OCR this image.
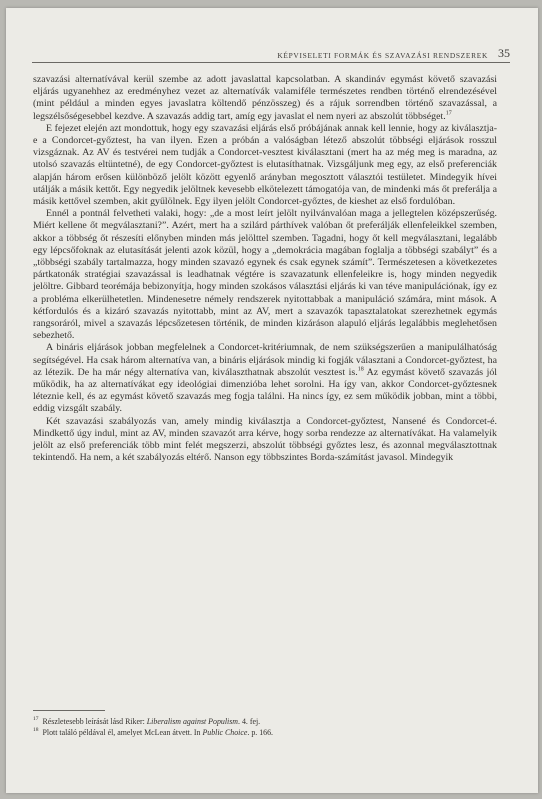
KÉPVISELETI FORMÁK ÉS SZAVAZÁSI RENDSZEREK 35

szavazási alternatívával kerül szembe az adott javaslattal kapcsolatban. A skandináv egymást követő szavazási eljárás ugyanehhez az eredményhez vezet az alternatívák valamiféle természetes rendben történő elrendezésével (mint például a minden egyes javaslatra költendő pénzösszeg) és a rájuk sorrendben történő szavazással, a legszélsőségesebbel kezdve. A szavazás addig tart, amíg egy javaslat el nem nyeri az abszolút többséget.$^{17}$

E fejezet elején azt mondottuk, hogy egy szavazási eljárás első próbájának annak kell lennie, hogy az kiválasztja-e a Condorcet-győztest, ha van ilyen. Ezen a próbán a valóságban létező abszolút többségi eljárások rosszul vizsgáznak. Az AV és testvérei nem tudják a Condorcet-vesztest kiválasztani (mert ha az még meg is maradna, az utolsó szavazás eltüntetné), de egy Condorcet-győztest is elutasíthatnak. Vizsgáljunk meg egy, az első preferenciák alapján három erősen különböző jelölt között egyenlő arányban megosztott választói testületet. Mindegyik hívei utálják a másik kettőt. Egy negyedik jelöltnek kevesebb elkötelezett támogatója van, de mindenki más őt preferálja a másik kettővel szemben, akit gyűlölnek. Egy ilyen jelölt Condorcet-győztes, de kieshet az első fordulóban.

Ennél a pontnál felvetheti valaki, hogy: „de a most leírt jelölt nyilvánvalóan maga a jellegtelen középszerűség. Miért kellene őt megválasztani?”. Azért, mert ha a szilárd párthívek valóban őt preferálják ellenfeleikkel szemben, akkor a többség őt részesíti előnyben minden más jelölttel szemben. Tagadni, hogy őt kell megválasztani, legalább egy lépcsőfoknak az elutasítását jelenti azok közül, hogy a „demokrácia magában foglalja a többségi szabályt” és a „többségi szabály tartalmazza, hogy minden szavazó egynek és csak egynek számít”. Természetesen a következetes pártkatonák stratégiai szavazással is leadhatnak végtére is szavazatunk ellenfeleikre is, hogy minden negyedik jelöltre. Gibbard teorémája bebizonyítja, hogy minden szokásos választási eljárás ki van téve manipulációnak, így ez a probléma elkerülhetetlen. Mindenesetre némely rendszerek nyitottabbak a manipuláció számára, mint mások. A kétfordulós és a kizáró szavazás nyitottabb, mint az AV, mert a szavazók tapasztalatokat szerezhetnek egymás rangsoráról, mivel a szavazás lépcsőzetesen történik, de minden kizáráson alapuló eljárás legalábbis meglehetősen sebezhető.

A bináris eljárások jobban megfelelnek a Condorcet-kritériumnak, de nem szükségszerűen a manipulálhatóság segítségével. Ha csak három alternatíva van, a bináris eljárások mindig ki fogják választani a Condorcet-győztest, ha az létezik. De ha már négy alternatíva van, kiválaszthatnak abszolút vesztest is.$^{18}$ Az egymást követő szavazás jól működik, ha az alternatívákat egy ideológiai dimenzióba lehet sorolni. Ha így van, akkor Condorcet-győztesnek léteznie kell, és az egymást követő szavazás meg fogja találni. Ha nincs így, ez sem működik jobban, mint a többi, eddig vizsgált szabály.

Két szavazási szabályozás van, amely mindig kiválasztja a Condorcet-győztest, Nansené és Condorcet-é. Mindkettő úgy indul, mint az AV, minden szavazót arra kérve, hogy sorba rendezze az alternatívákat. Ha valamelyik jelölt az első preferenciák több mint felét megszerzi, abszolút többségi győztes lesz, és azonnal megválasztottnak tekintendő. Ha nem, a két szabályozás eltérő. Nanson egy többszintes Borda-számítást javasol. Mindegyik

$^{17}$ Részletesebb leírását lásd Riker: Liberalism against Populism. 4. fej.

$^{18}$ Plott találó példával él, amelyet McLean átvett. In Public Choice. p. 166.
